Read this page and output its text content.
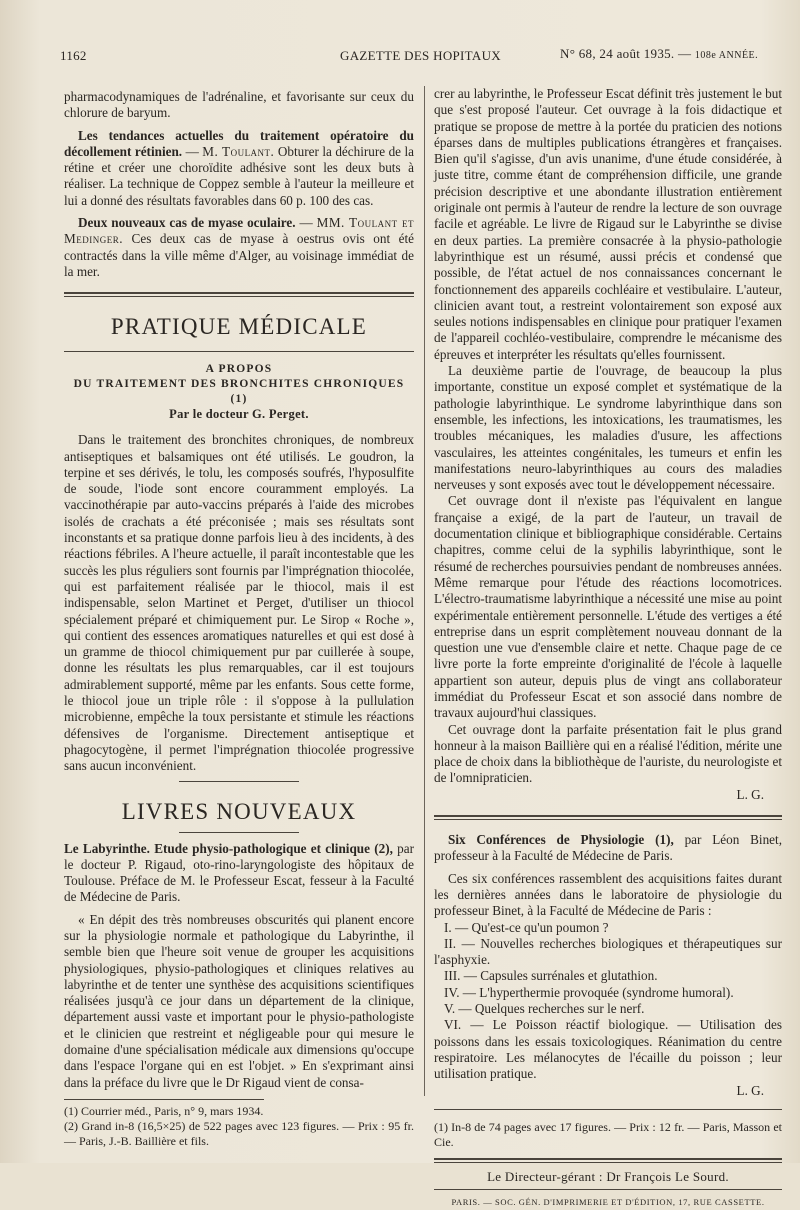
1162	GAZETTE DES HOPITAUX	N° 68, 24 août 1935. — 108e ANNÉE.

pharmacodynamiques de l'adrénaline, et favorisante sur ceux du chlorure de baryum.

Les tendances actuelles du traitement opératoire du décollement rétinien. — M. Toulant. Obturer la déchirure de la rétine et créer une choroïdite adhésive sont les deux buts à réaliser. La technique de Coppez semble à l'auteur la meilleure et lui a donné des résultats favorables dans 60 p. 100 des cas.

Deux nouveaux cas de myase oculaire. — MM. Toulant et Medinger. Ces deux cas de myase à oestrus ovis ont été contractés dans la ville même d'Alger, au voisinage immédiat de la mer.

PRATIQUE MÉDICALE

A PROPOS

DU TRAITEMENT DES BRONCHITES CHRONIQUES (1)

Par le docteur G. Perget.

Dans le traitement des bronchites chroniques, de nombreux antiseptiques et balsamiques ont été utilisés. Le goudron, la terpine et ses dérivés, le tolu, les composés soufrés, l'hyposulfite de soude, l'iode sont encore couramment employés. La vaccinothérapie par auto-vaccins préparés à l'aide des microbes isolés de crachats a été préconisée ; mais ses résultats sont inconstants et sa pratique donne parfois lieu à des incidents, à des réactions fébriles. A l'heure actuelle, il paraît incontestable que les succès les plus réguliers sont fournis par l'imprégnation thiocolée, qui est parfaitement réalisée par le thiocol, mais il est indispensable, selon Martinet et Perget, d'utiliser un thiocol spécialement préparé et chimiquement pur. Le Sirop « Roche », qui contient des essences aromatiques naturelles et qui est dosé à un gramme de thiocol chimiquement pur par cuillerée à soupe, donne les résultats les plus remarquables, car il est toujours admirablement supporté, même par les enfants. Sous cette forme, le thiocol joue un triple rôle : il s'oppose à la pullulation microbienne, empêche la toux persistante et stimule les réactions défensives de l'organisme. Directement antiseptique et phagocytogène, il permet l'imprégnation thiocolée progressive sans aucun inconvénient.

LIVRES NOUVEAUX

Le Labyrinthe. Etude physio-pathologique et clinique (2), par le docteur P. Rigaud, oto-rino-laryngologiste des hôpitaux de Toulouse. Préface de M. le Professeur Escat, fesseur à la Faculté de Médecine de Paris.

« En dépit des très nombreuses obscurités qui planent encore sur la physiologie normale et pathologique du Labyrinthe, il semble bien que l'heure soit venue de grouper les acquisitions physiologiques, physio-pathologiques et cliniques relatives au labyrinthe et de tenter une synthèse des acquisitions scientifiques réalisées jusqu'à ce jour dans un département de la clinique, département aussi vaste et important pour le physio-pathologiste et le clinicien que restreint et négligeable pour qui mesure le domaine d'une spécialisation médicale aux dimensions qu'occupe dans l'espace l'organe qui en est l'objet. » En s'exprimant ainsi dans la préface du livre que le Dr Rigaud vient de consa-

(1) Courrier méd., Paris, n° 9, mars 1934.

(2) Grand in-8 (16,5×25) de 522 pages avec 123 figures. — Prix : 95 fr. — Paris, J.-B. Baillière et fils.

crer au labyrinthe, le Professeur Escat définit très justement le but que s'est proposé l'auteur. Cet ouvrage à la fois didactique et pratique se propose de mettre à la portée du praticien des notions éparses dans de multiples publications étrangères et françaises. Bien qu'il s'agisse, d'un avis unanime, d'une étude considérée, à juste titre, comme étant de compréhension difficile, une grande précision descriptive et une abondante illustration entièrement originale ont permis à l'auteur de rendre la lecture de son ouvrage facile et agréable. Le livre de Rigaud sur le Labyrinthe se divise en deux parties. La première consacrée à la physio-pathologie labyrinthique est un résumé, aussi précis et condensé que possible, de l'état actuel de nos connaissances concernant le fonctionnement des appareils cochléaire et vestibulaire. L'auteur, clinicien avant tout, a restreint volontairement son exposé aux seules notions indispensables en clinique pour pratiquer l'examen de l'appareil cochléo-vestibulaire, comprendre le mécanisme des épreuves et interpréter les résultats qu'elles fournissent.

La deuxième partie de l'ouvrage, de beaucoup la plus importante, constitue un exposé complet et systématique de la pathologie labyrinthique. Le syndrome labyrinthique dans son ensemble, les infections, les intoxications, les traumatismes, les troubles mécaniques, les maladies d'usure, les affections vasculaires, les atteintes congénitales, les tumeurs et enfin les manifestations neuro-labyrinthiques au cours des maladies nerveuses y sont exposés avec tout le développement nécessaire.

Cet ouvrage dont il n'existe pas l'équivalent en langue française a exigé, de la part de l'auteur, un travail de documentation clinique et bibliographique considérable. Certains chapitres, comme celui de la syphilis labyrinthique, sont le résumé de recherches poursuivies pendant de nombreuses années. Même remarque pour l'étude des réactions locomotrices. L'électro-traumatisme labyrinthique a nécessité une mise au point expérimentale entièrement personnelle. L'étude des vertiges a été entreprise dans un esprit complètement nouveau donnant de la question une vue d'ensemble claire et nette. Chaque page de ce livre porte la forte empreinte d'originalité de l'école à laquelle appartient son auteur, depuis plus de vingt ans collaborateur immédiat du Professeur Escat et son associé dans nombre de travaux aujourd'hui classiques.

Cet ouvrage dont la parfaite présentation fait le plus grand honneur à la maison Baillière qui en a réalisé l'édition, mérite une place de choix dans la bibliothèque de l'auriste, du neurologiste et de l'omnipraticien.

L. G.

Six Conférences de Physiologie (1), par Léon Binet, professeur à la Faculté de Médecine de Paris.

Ces six conférences rassemblent des acquisitions faites durant les dernières années dans le laboratoire de physiologie du professeur Binet, à la Faculté de Médecine de Paris :

I. — Qu'est-ce qu'un poumon ?

II. — Nouvelles recherches biologiques et thérapeutiques sur l'asphyxie.

III. — Capsules surrénales et glutathion.

IV. — L'hyperthermie provoquée (syndrome humoral).

V. — Quelques recherches sur le nerf.

VI. — Le Poisson réactif biologique. — Utilisation des poissons dans les essais toxicologiques. Réanimation du centre respiratoire. Les mélanocytes de l'écaille du poisson ; leur utilisation pratique.

L. G.

(1) In-8 de 74 pages avec 17 figures. — Prix : 12 fr. — Paris, Masson et Cie.

Le Directeur-gérant : Dr François Le Sourd.

PARIS. — SOC. GÉN. D'IMPRIMERIE ET D'ÉDITION, 17, RUE CASSETTE.
